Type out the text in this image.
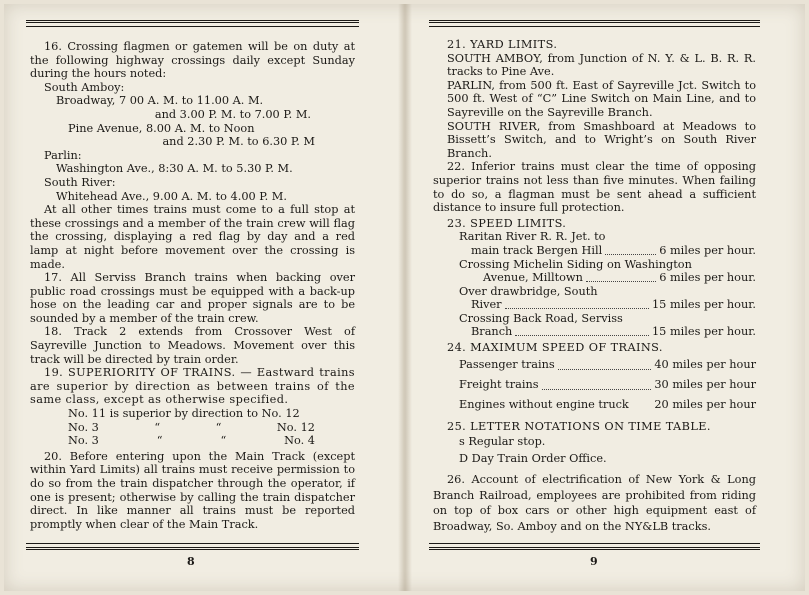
16. Crossing flagmen or gatemen will be on duty at the following highway crossings daily except Sunday during the hours noted:

South Amboy:
Broadway, 7 00 A. M. to 11.00 A. M.
and 3.00 P. M. to 7.00 P. M.
Pine Avenue, 8.00 A. M. to Noon
and 2.30 P. M. to 6.30 P. M
Parlin:
Washington Ave., 8:30 A. M. to 5.30 P. M.
South River:
Whitehead Ave., 9.00 A. M. to 4.00 P. M.

At all other times trains must come to a full stop at these crossings and a member of the train crew will flag the crossing, displaying a red flag by day and a red lamp at night before movement over the crossing is made.

17. All Serviss Branch trains when backing over public road crossings must be equipped with a back-up hose on the leading car and proper signals are to be sounded by a member of the train crew.

18. Track 2 extends from Crossover West of Sayreville Junction to Meadows. Movement over this track will be directed by train order.

19. SUPERIORITY OF TRAINS. — Eastward trains are superior by direction as between trains of the same class, except as otherwise specified.

No. 11 is superior by direction to No. 12
No. 3	“	“	No. 12
No. 3	“	“	No. 4

20. Before entering upon the Main Track (except within Yard Limits) all trains must receive permission to do so from the train dispatcher through the operator, if one is present; otherwise by calling the train dispatcher direct. In like manner all trains must be reported promptly when clear of the Main Track.

8
21. YARD LIMITS.

SOUTH AMBOY, from Junction of N. Y. & L. B. R. R. tracks to Pine Ave.

PARLIN, from 500 ft. East of Sayreville Jct. Switch to 500 ft. West of “C” Line Switch on Main Line, and to Sayreville on the Sayreville Branch.

SOUTH RIVER, from Smashboard at Meadows to Bissett’s Switch, and to Wright’s on South River Branch.

22. Inferior trains must clear the time of opposing superior trains not less than five minutes. When failing to do so, a flagman must be sent ahead a sufficient distance to insure full protection.

23. SPEED LIMITS.
Raritan River R. R. Jet. to
main track Bergen Hill	6 miles per hour.
Crossing Michelin Siding on Washington
Avenue, Milltown	6 miles per hour.
Over drawbridge, South
River	15 miles per hour.
Crossing Back Road, Serviss
Branch	15 miles per hour.
24. MAXIMUM SPEED OF TRAINS.
Passenger trains	40 miles per hour
Freight trains	30 miles per hour
Engines without engine truck 20 miles per hour
25. LETTER NOTATIONS ON TIME TABLE.
s Regular stop.
D Day Train Order Office.

26. Account of electrification of New York & Long Branch Railroad, employees are prohibited from riding on top of box cars or other high equipment east of Broadway, So. Amboy and on the NY&LB tracks.

9
